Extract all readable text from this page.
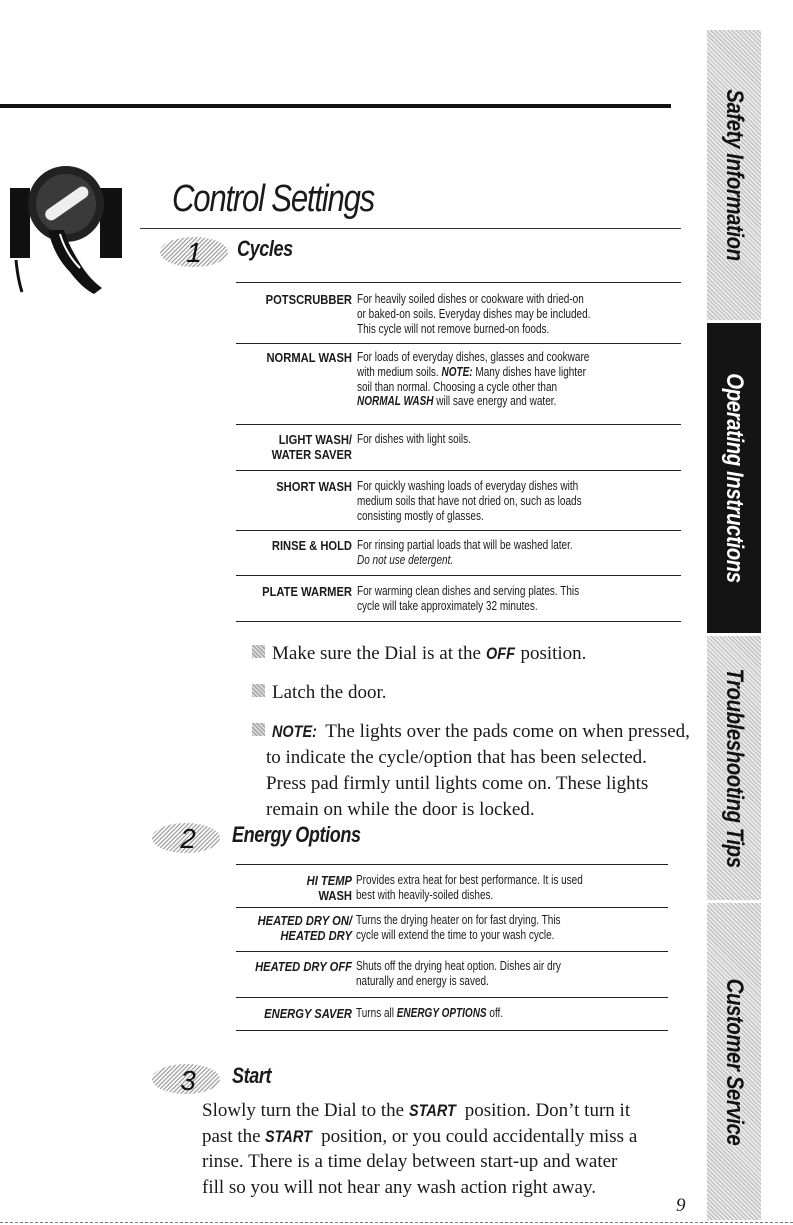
Control Settings
1 Cycles
POTSCRUBBER For heavily soiled dishes or cookware with dried-on
or baked-on soils. Everyday dishes may be included.
This cycle will not remove burned-on foods.
NORMAL WASH For loads of everyday dishes, glasses and cookware
with medium soils. NOTE: Many dishes have lighter
soil than normal. Choosing a cycle other than
NORMAL WASH will save energy and water.
LIGHT WASH/
WATER SAVER
For dishes with light soils.
SHORT WASH For quickly washing loads of everyday dishes with
medium soils that have not dried on, such as loads
consisting mostly of glasses.
RINSE & HOLD For rinsing partial loads that will be washed later.
Do not use detergent.
PLATE WARMER For warming clean dishes and serving plates. This
cycle will take approximately 32 minutes.
Make sure the Dial is at the OFF position.
Latch the door.
NOTE: The lights over the pads come on when pressed,
to indicate the cycle/option that has been selected.
Press pad firmly until lights come on. These lights
remain on while the door is locked.
2 Energy Options
HI TEMP
WASH
Provides extra heat for best performance. It is used
best with heavily-soiled dishes.
HEATED DRY ON/
HEATED DRY
Turns the drying heater on for fast drying. This
cycle will extend the time to your wash cycle.
HEATED DRY OFF Shuts off the drying heat option. Dishes air dry
naturally and energy is saved.
ENERGY SAVER Turns all ENERGY OPTIONS off.
3 Start
Slowly turn the Dial to the START position. Don’t turn it
past the START position, or you could accidentally miss a
rinse. There is a time delay between start-up and water
fill so you will not hear any wash action right away.
Safety Information
Operating Instructions
Troubleshooting Tips
Customer Service
9
